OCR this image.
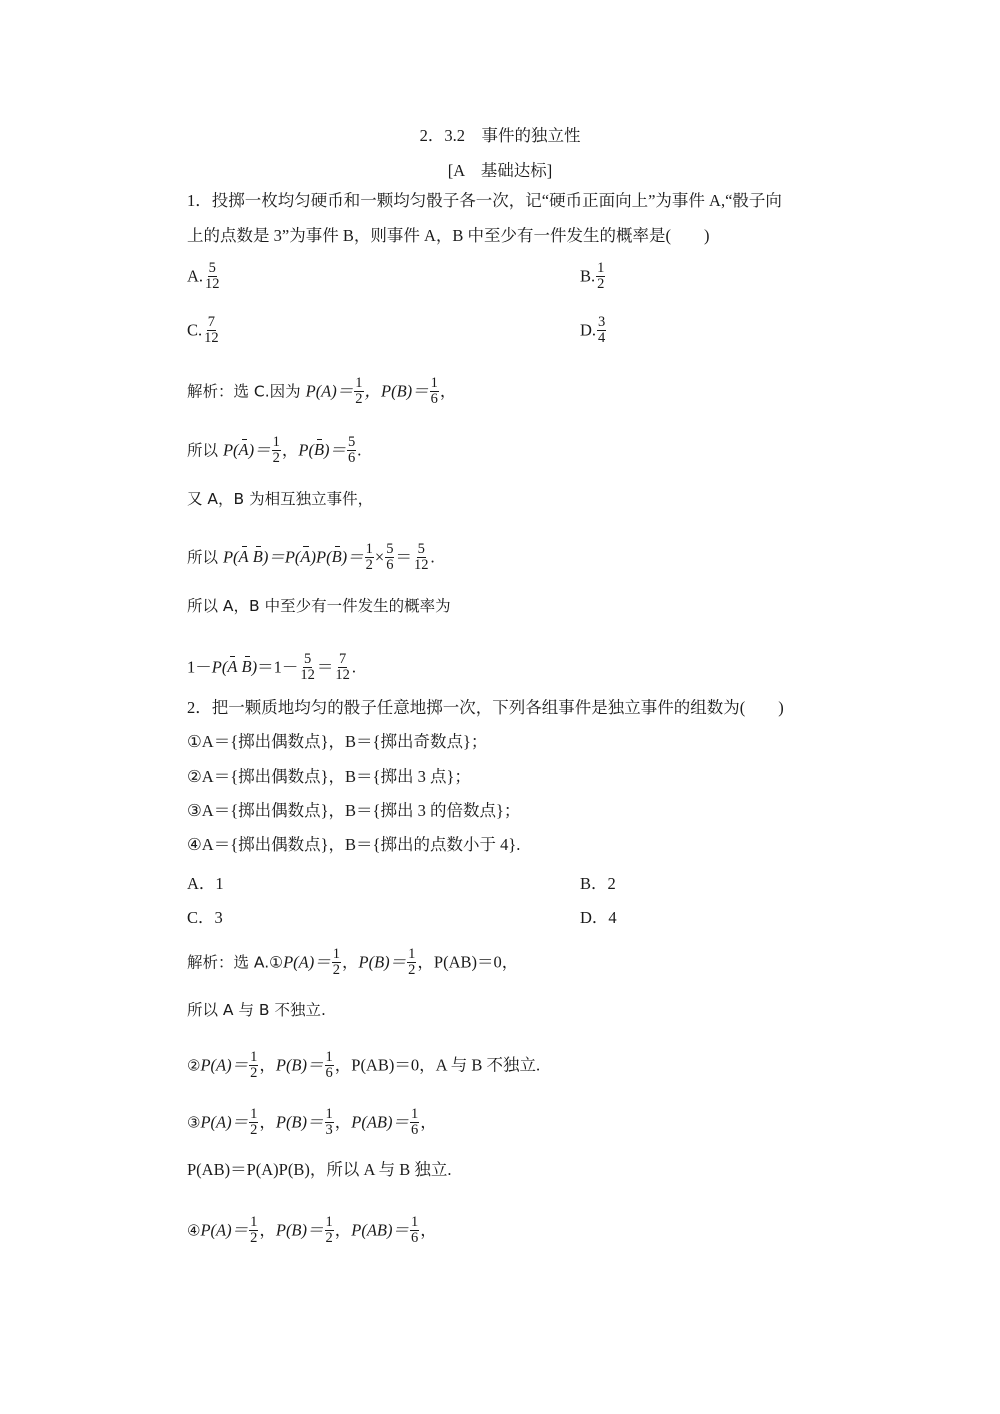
2．3.2　事件的独立性
[A　基础达标]
1．投掷一枚均匀硬币和一颗均匀骰子各一次，记“硬币正面向上”为事件 A,“骰子向
上的点数是 3”为事件 B，则事件 A，B 中至少有一件发生的概率是(　　)
A. $\frac{5}{12}$	B. $\frac{1}{2}$
C. $\frac{7}{12}$	D. $\frac{3}{4}$
解析：选 C.因为 $P(A)= \frac{1}{2}$ ，$P(B)= \frac{1}{6}$ ，
所以 $P(A)= \frac{1}{2}$ ，$P(B)= \frac{5}{6}$ .
又 A，B 为相互独立事件，
所以 P(A $B)=P(A)P(B)= \frac{1}{2} \times \frac{5}{6} = \frac{5}{12}$ .
所以 A，B 中至少有一件发生的概率为
1－P(A $B)=1- \frac{5}{12} = \frac{7}{12}$ .
2．把一颗质地均匀的骰子任意地掷一次，下列各组事件是独立事件的组数为(　　)
①A＝{掷出偶数点}，B＝{掷出奇数点}；
②A＝{掷出偶数点}，B＝{掷出 3 点}；
③A＝{掷出偶数点}，B＝{掷出 3 的倍数点}；
④A＝{掷出偶数点}，B＝{掷出的点数小于 4}.
A．1	B．2
C．3	D．4
解析：选 A.①P(A)＝ $\frac{1}{2}$ ，$P(B)= \frac{1}{2}$ ，P(AB)＝0，
所以 A 与 B 不独立.
②P(A)＝ $\frac{1}{2}$ ，$P(B)= \frac{1}{6}$ ，P(AB)＝0，A 与 B 不独立.
③P(A)＝ $\frac{1}{2}$ ，$P(B)= \frac{1}{3}$ ，$P(AB)= \frac{1}{6}$ ，
P(AB)＝P(A)P(B)，所以 A 与 B 独立.
④P(A)＝ $\frac{1}{2}$ ，$P(B)= \frac{1}{2}$ ，$P(AB)= \frac{1}{6}$ ，
